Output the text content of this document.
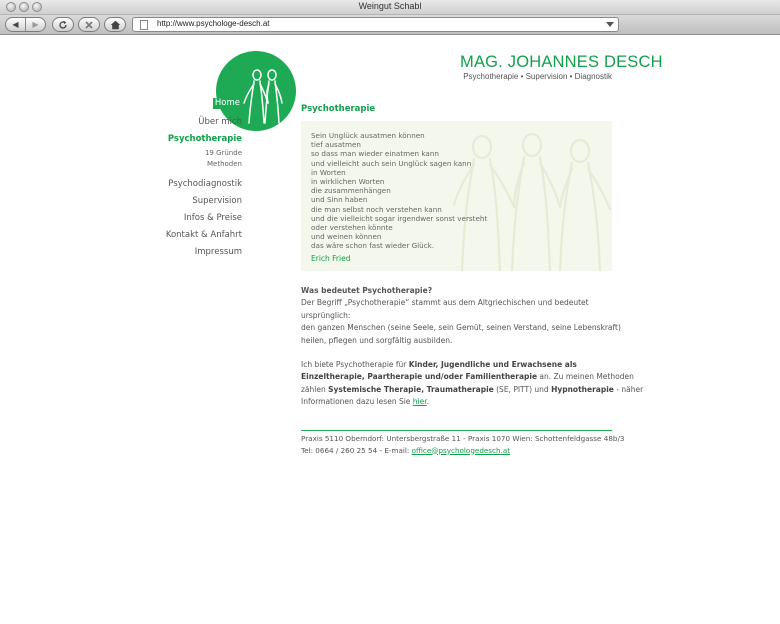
Weingut Schabl
◀	▶	http://www.psychologe-desch.at
MAG. JOHANNES DESCH
Psychotherapie • Supervision • Diagnostik
Home
Über mich
Psychotherapie
19 Gründe
Methoden
Psychodiagnostik
Supervision
Infos & Preise
Kontakt & Anfahrt
Impressum
Psychotherapie
Sein Unglück ausatmen können
tief ausatmen
so dass man wieder einatmen kann
und vielleicht auch sein Unglück sagen kann
in Worten
in wirklichen Worten
die zusammenhängen
und Sinn haben
die man selbst noch verstehen kann
und die vielleicht sogar irgendwer sonst versteht
oder verstehen könnte
und weinen können
das wäre schon fast wieder Glück.
Erich Fried

Was bedeutet Psychotherapie?

Der Begriff „Psychotherapie“ stammt aus dem Altgriechischen und bedeutet

ursprünglich:

den ganzen Menschen (seine Seele, sein Gemüt, seinen Verstand, seine Lebenskraft)

heilen, pflegen und sorgfältig ausbilden.

Ich biete Psychotherapie für Kinder, Jugendliche und Erwachsene als

Einzeltherapie, Paartherapie und/oder Familientherapie an. Zu meinen Methoden

zählen Systemische Therapie, Traumatherapie (SE, PITT) und Hypnotherapie - näher

Informationen dazu lesen Sie hier.

Praxis 5110 Oberndorf: Untersbergstraße 11 - Praxis 1070 Wien: Schottenfeldgasse 48b/3
Tel: 0664 / 260 25 54 - E-mail: office@psychologedesch.at
